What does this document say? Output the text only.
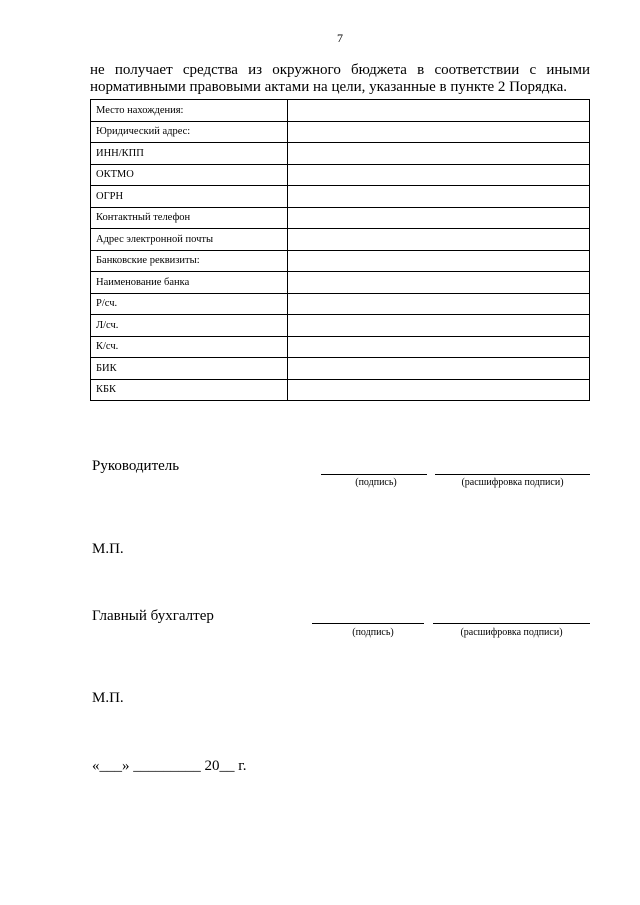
7
не получает средства из окружного бюджета в соответствии с иными нормативными правовыми актами на цели, указанные в пункте 2 Порядка.
Место нахождения:	
Юридический адрес:	
ИНН/КПП	
ОКТМО	
ОГРН	
Контактный телефон	
Адрес электронной почты	
Банковские реквизиты:	
Наименование банка	
Р/сч.	
Л/сч.	
К/сч.	
БИК	
КБК	
Руководитель
(подпись)	(расшифровка подписи)
М.П.
Главный бухгалтер
(подпись)	(расшифровка подписи)
М.П.
«___» _________ 20__ г.
